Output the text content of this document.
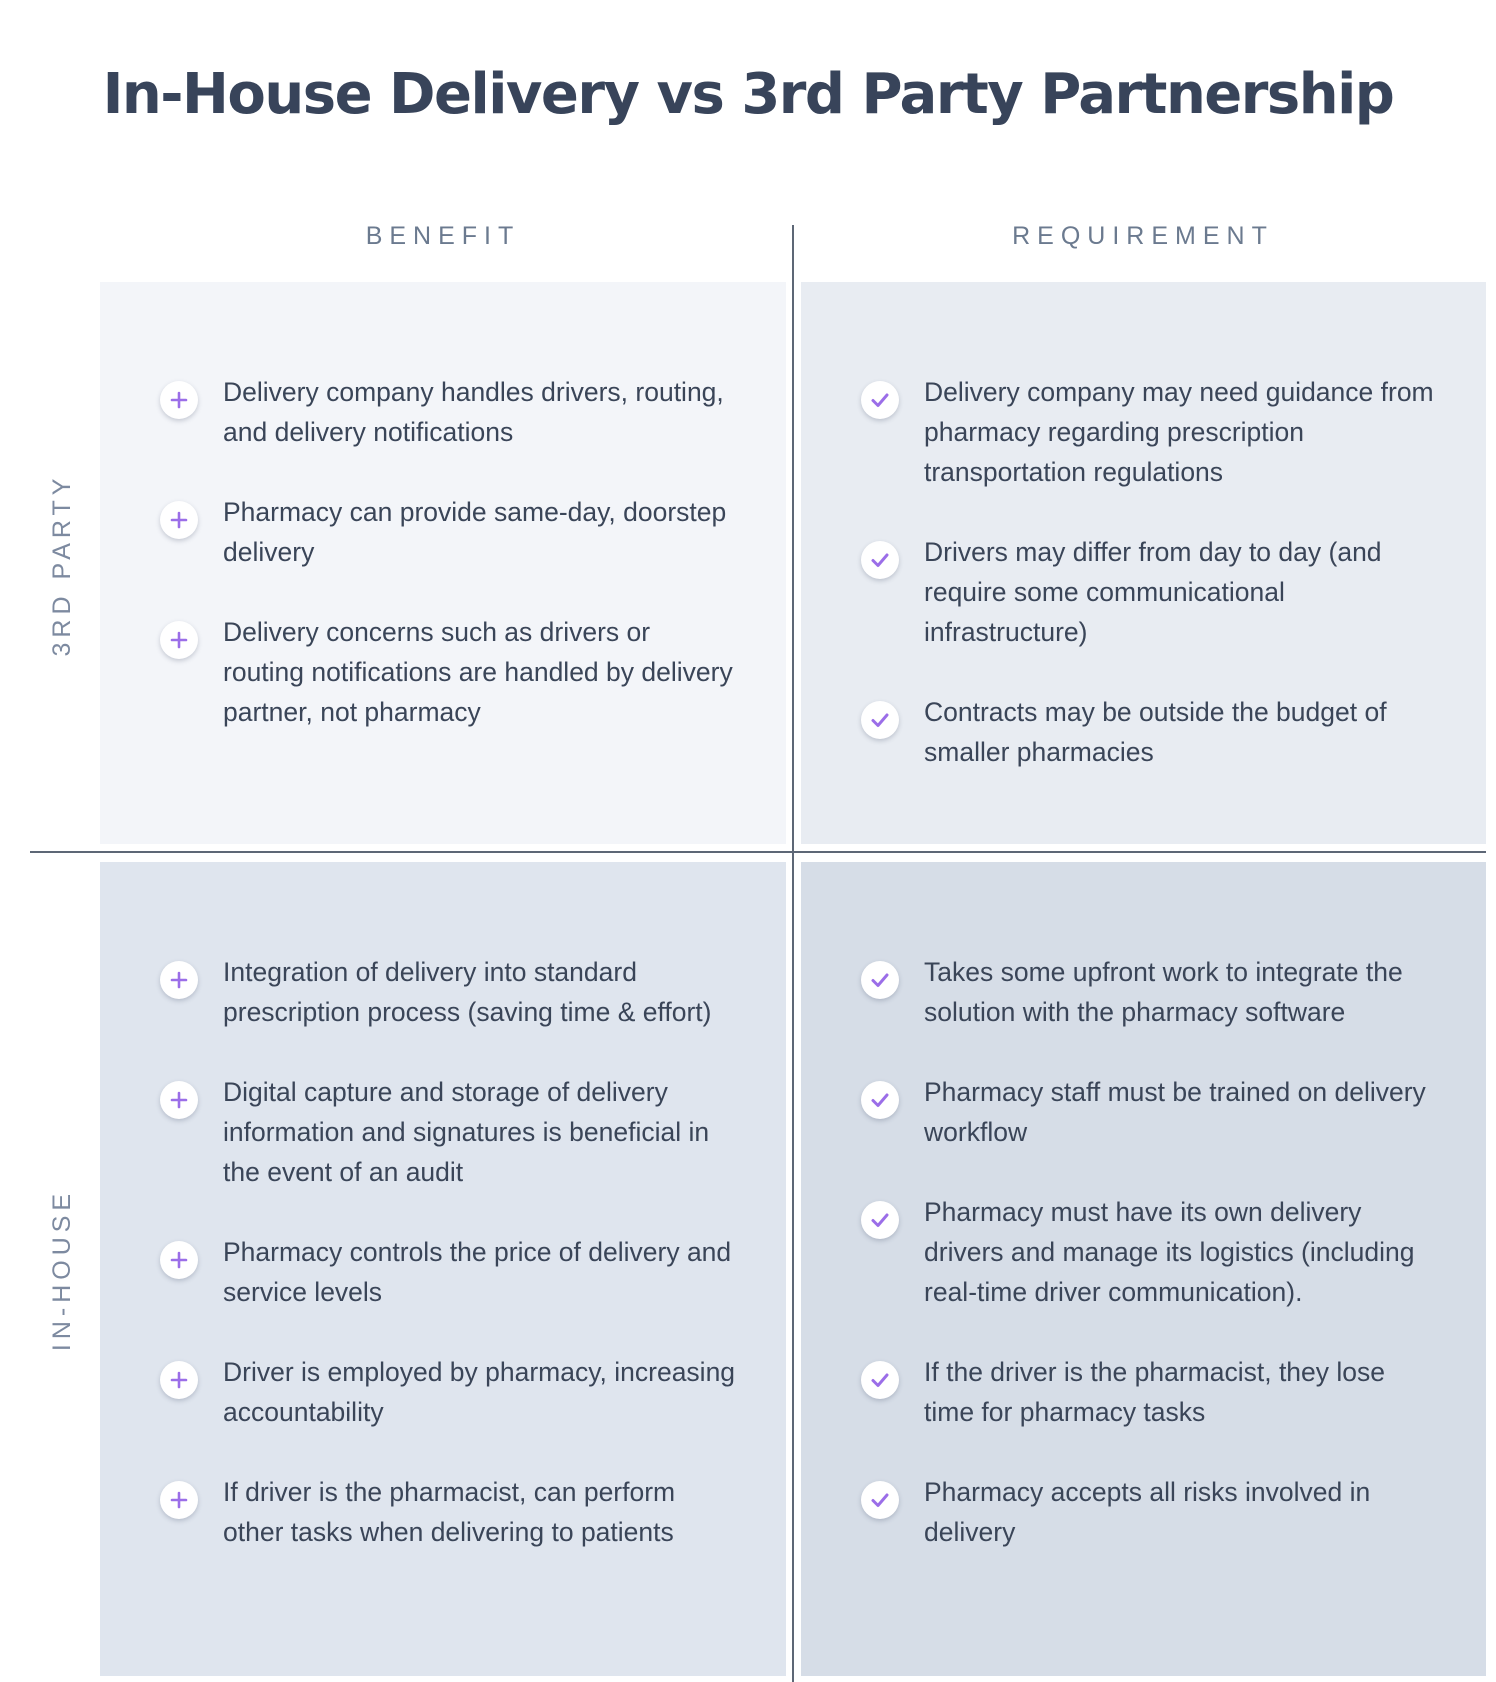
In-House Delivery vs 3rd Party Partnership
BENEFIT	REQUIREMENT
3RD PARTY
IN-HOUSE
Delivery company handles drivers, routing, and delivery notifications
Pharmacy can provide same-day, doorstep delivery
Delivery concerns such as drivers or routing notifications are handled by delivery partner, not pharmacy
Delivery company may need guidance from pharmacy regarding prescription transportation regulations
Drivers may differ from day to day (and require some communicational infrastructure)
Contracts may be outside the budget of smaller pharmacies
Integration of delivery into standard prescription process (saving time & effort)
Digital capture and storage of delivery information and signatures is beneficial in the event of an audit
Pharmacy controls the price of delivery and service levels
Driver is employed by pharmacy, increasing accountability
If driver is the pharmacist, can perform other tasks when delivering to patients
Takes some upfront work to integrate the solution with the pharmacy software
Pharmacy staff must be trained on delivery workflow
Pharmacy must have its own delivery drivers and manage its logistics (including real-time driver communication).
If the driver is the pharmacist, they lose time for pharmacy tasks
Pharmacy accepts all risks involved in delivery
